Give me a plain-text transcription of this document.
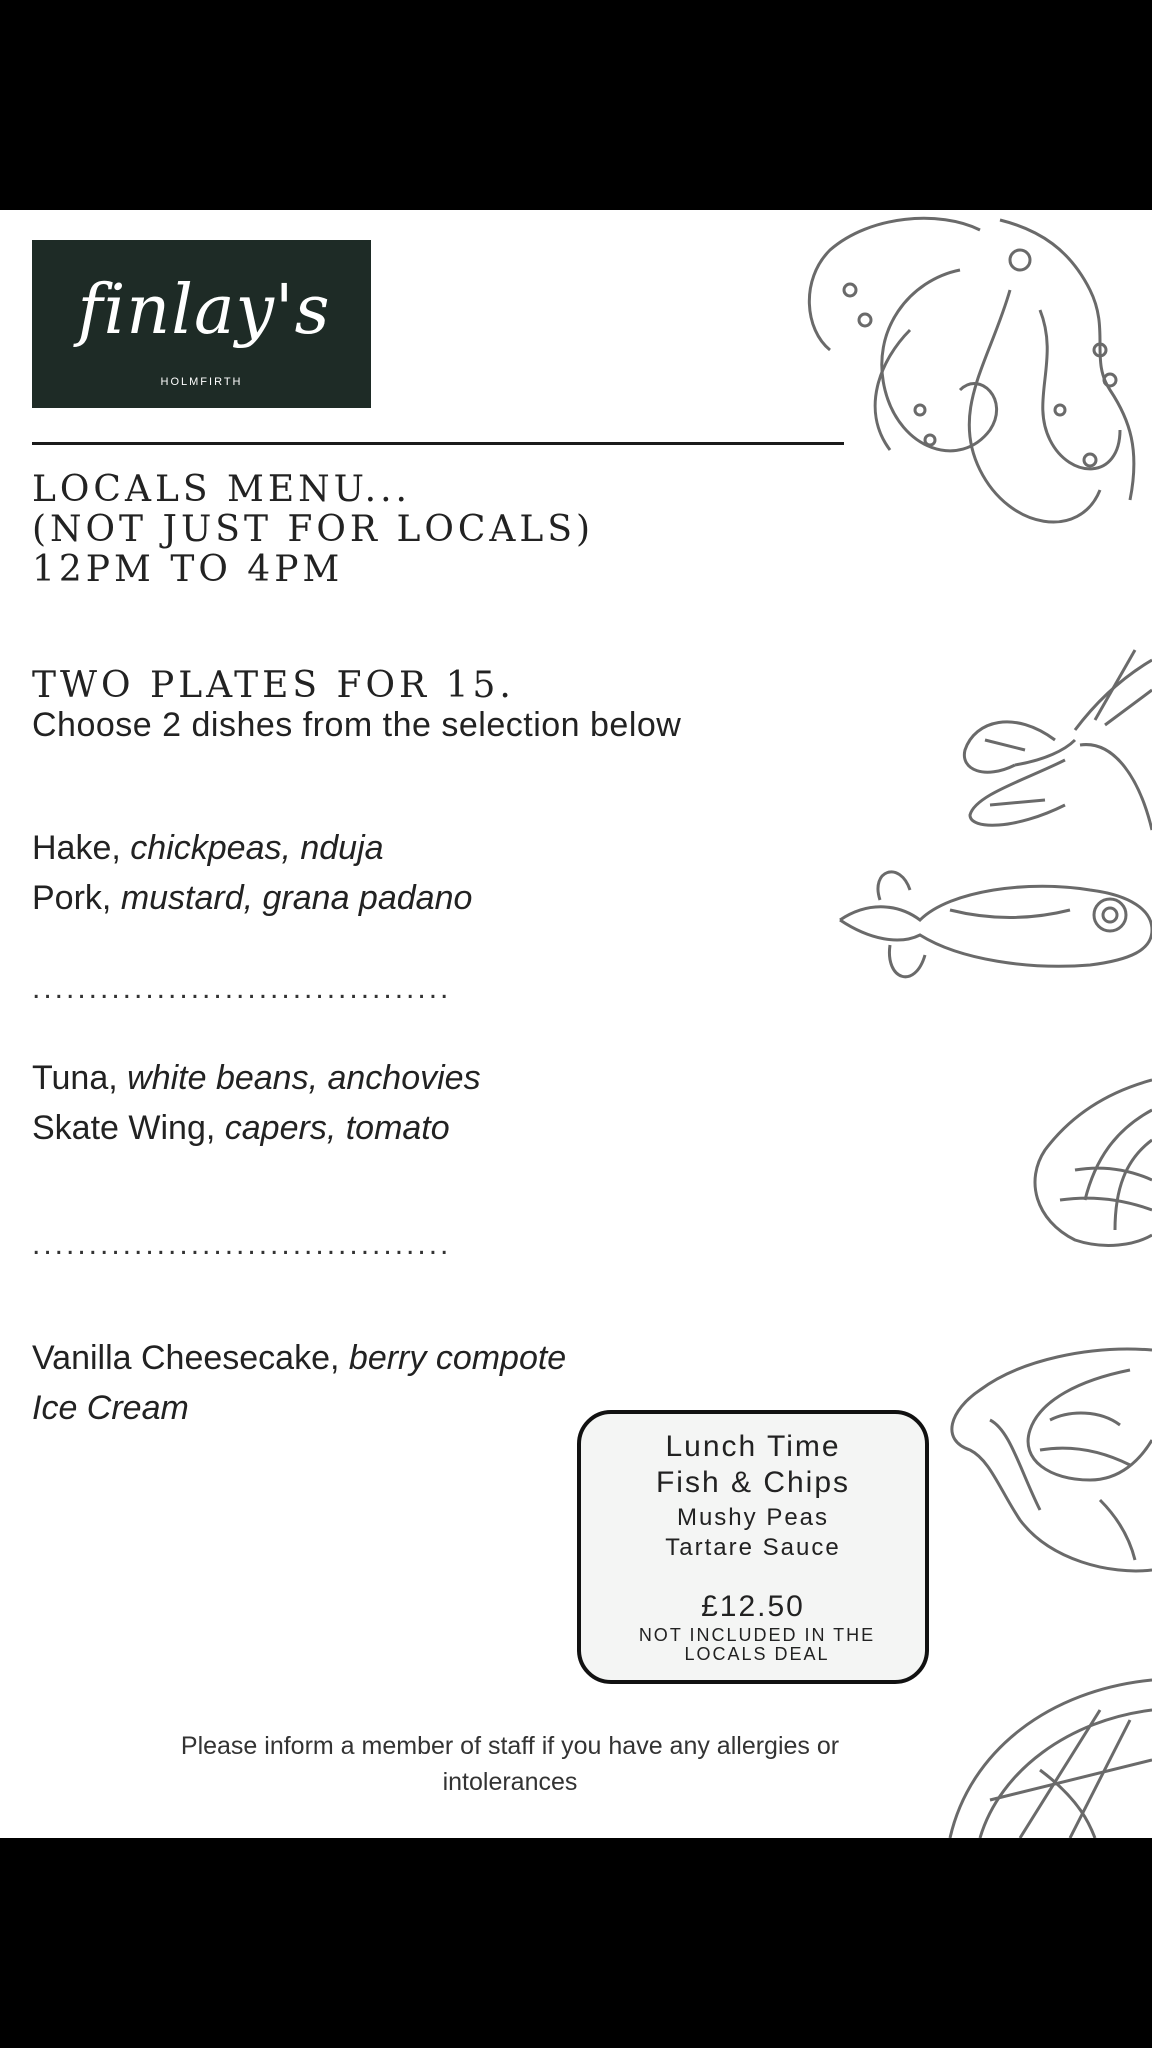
finlay's
HOLMFIRTH
LOCALS MENU...
(NOT JUST FOR LOCALS)
12PM TO 4PM
TWO PLATES FOR 15.
Choose 2 dishes from the selection below
Hake, chickpeas, nduja
Pork, mustard, grana padano
.....................................
Tuna, white beans, anchovies
Skate Wing, capers, tomato
.....................................
Vanilla Cheesecake, berry compote
Ice Cream
Lunch Time
Fish & Chips
Mushy Peas
Tartare Sauce
£12.50
NOT INCLUDED IN THE LOCALS DEAL
Please inform a member of staff if you have any allergies or
intolerances
